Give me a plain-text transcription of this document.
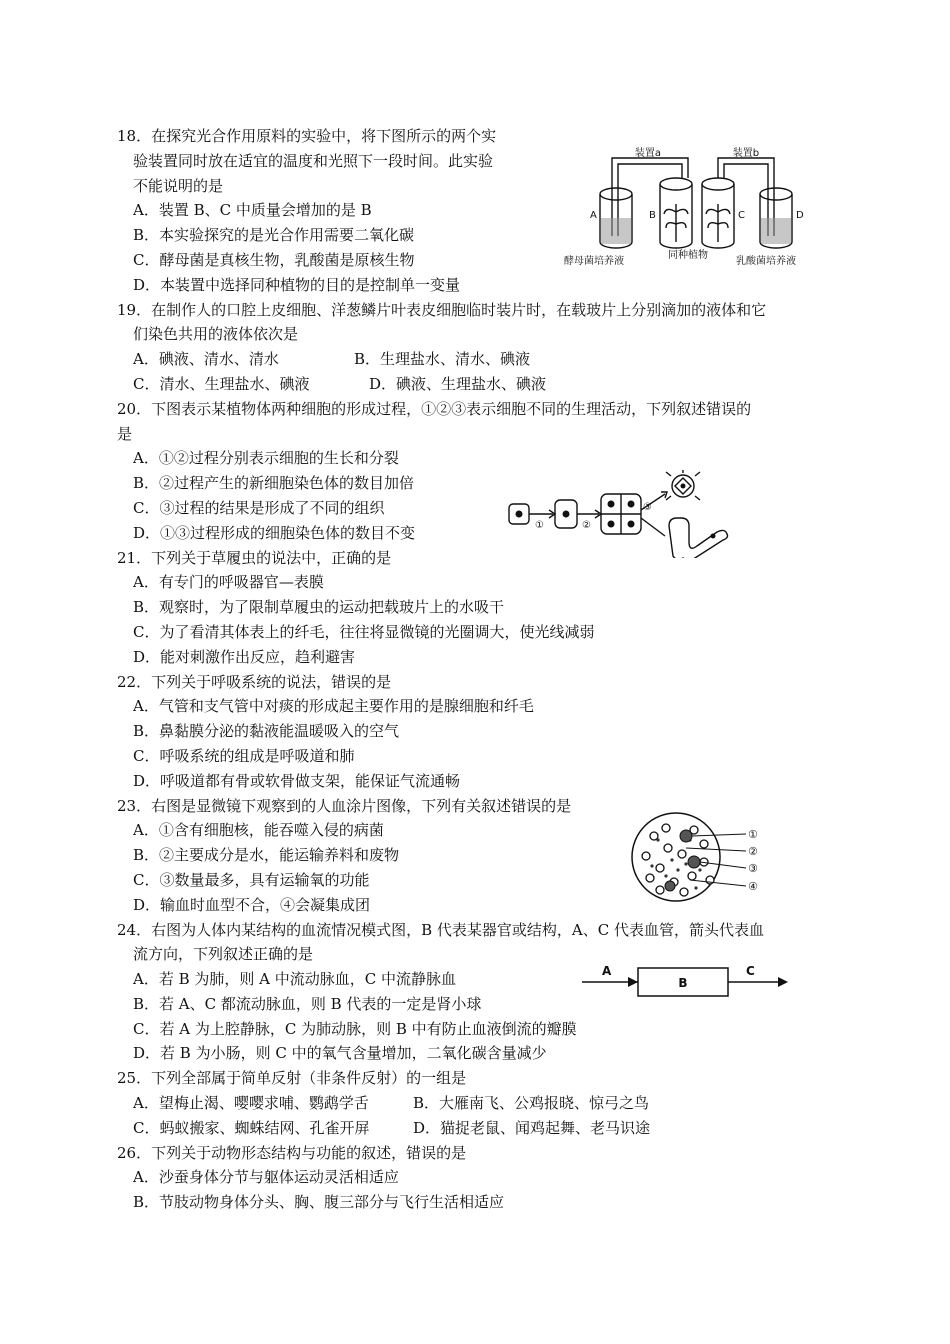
18．在探究光合作用原料的实验中，将下图所示的两个实
验装置同时放在适宜的温度和光照下一段时间。此实验
不能说明的是
A．装置 B、C 中质量会增加的是 B
B．本实验探究的是光合作用需要二氧化碳
C．酵母菌是真核生物，乳酸菌是原核生物
D．本装置中选择同种植物的目的是控制单一变量
19．在制作人的口腔上皮细胞、洋葱鳞片叶表皮细胞临时装片时，在载玻片上分别滴加的液体和它
们染色共用的液体依次是
A．碘液、清水、清水	B．生理盐水、清水、碘液
C．清水、生理盐水、碘液	D．碘液、生理盐水、碘液
20．下图表示某植物体两种细胞的形成过程，①②③表示细胞不同的生理活动，下列叙述错误的
是
A．①②过程分别表示细胞的生长和分裂
B．②过程产生的新细胞染色体的数目加倍
C．③过程的结果是形成了不同的组织
D．①③过程形成的细胞染色体的数目不变
21．下列关于草履虫的说法中，正确的是
A．有专门的呼吸器官—表膜
B．观察时，为了限制草履虫的运动把载玻片上的水吸干
C．为了看清其体表上的纤毛，往往将显微镜的光圈调大，使光线减弱
D．能对刺激作出反应，趋利避害
22．下列关于呼吸系统的说法，错误的是
A．气管和支气管中对痰的形成起主要作用的是腺细胞和纤毛
B．鼻黏膜分泌的黏液能温暖吸入的空气
C．呼吸系统的组成是呼吸道和肺
D．呼吸道都有骨或软骨做支架，能保证气流通畅
23．右图是显微镜下观察到的人血涂片图像，下列有关叙述错误的是
A．①含有细胞核，能吞噬入侵的病菌
B．②主要成分是水，能运输养料和废物
C．③数量最多，具有运输氧的功能
D．输血时血型不合，④会凝集成团
24．右图为人体内某结构的血流情况模式图，B 代表某器官或结构，A、C 代表血管，箭头代表血
流方向，下列叙述正确的是
A．若 B 为肺，则 A 中流动脉血，C 中流静脉血
B．若 A、C 都流动脉血，则 B 代表的一定是肾小球
C．若 A 为上腔静脉，C 为肺动脉，则 B 中有防止血液倒流的瓣膜
D．若 B 为小肠，则 C 中的氧气含量增加，二氧化碳含量减少
25．下列全部属于简单反射（非条件反射）的一组是
A．望梅止渴、嘤嘤求哺、鹦鹉学舌	B．大雁南飞、公鸡报晓、惊弓之鸟
C．蚂蚁搬家、蜘蛛结网、孔雀开屏	D．猫捉老鼠、闻鸡起舞、老马识途
26．下列关于动物形态结构与功能的叙述，错误的是
A．沙蚕身体分节与躯体运动灵活相适应
B．节肢动物身体分头、胸、腹三部分与飞行生活相适应
装置a	装置b
A	B	C	D
酵母菌培养液
同种植物
乳酸菌培养液
①	②
③
①
②
③
④
A
B
C
